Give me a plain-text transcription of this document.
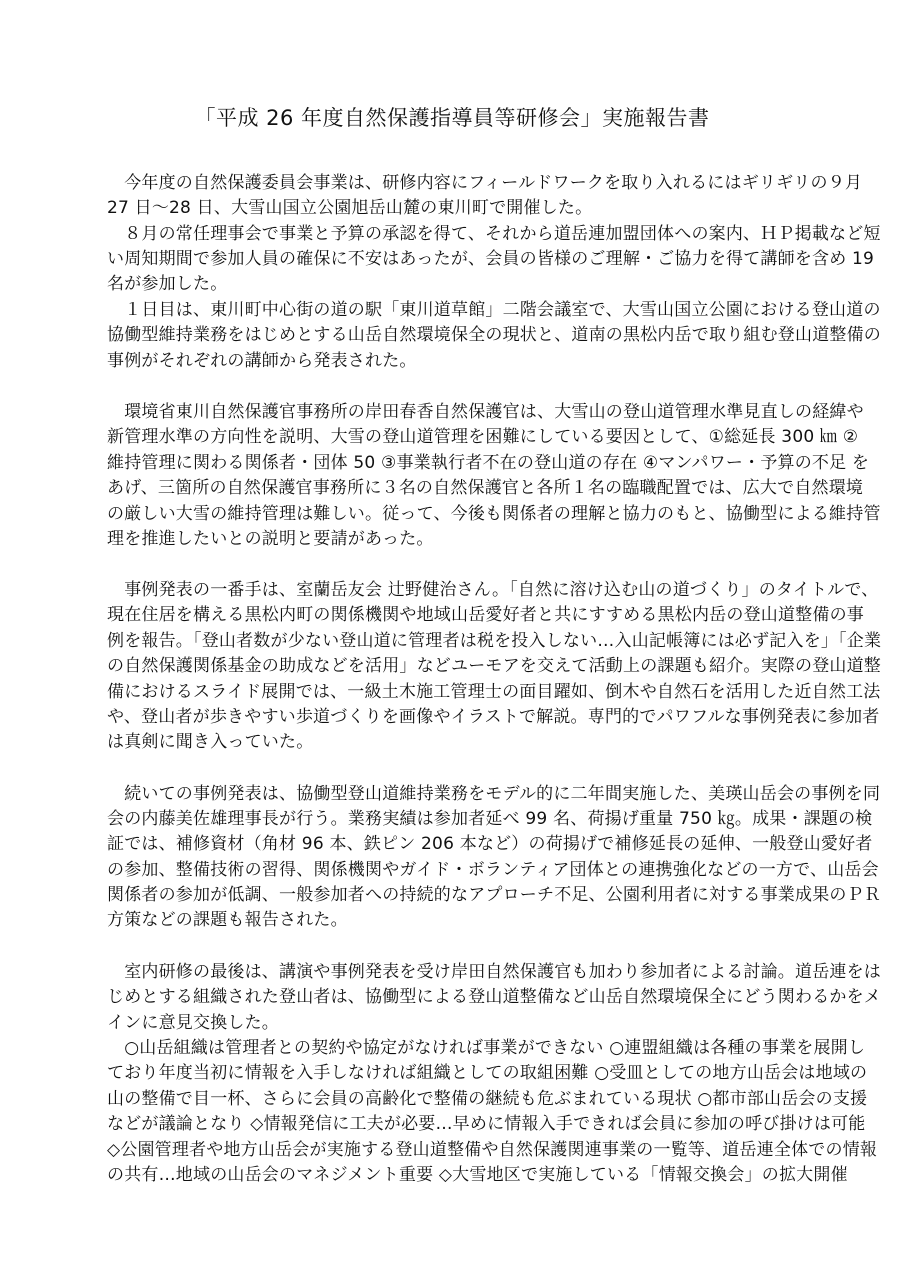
「平成 26 年度自然保護指導員等研修会」実施報告書
　今年度の自然保護委員会事業は、研修内容にフィールドワークを取り入れるにはギリギリの９月
27 日～28 日、大雪山国立公園旭岳山麓の東川町で開催した。
　８月の常任理事会で事業と予算の承認を得て、それから道岳連加盟団体への案内、ＨＰ掲載など短
い周知期間で参加人員の確保に不安はあったが、会員の皆様のご理解・ご協力を得て講師を含め 19
名が参加した。
　１日目は、東川町中心街の道の駅「東川道草館」二階会議室で、大雪山国立公園における登山道の
協働型維持業務をはじめとする山岳自然環境保全の現状と、道南の黒松内岳で取り組む登山道整備の
事例がそれぞれの講師から発表された。
　環境省東川自然保護官事務所の岸田春香自然保護官は、大雪山の登山道管理水準見直しの経緯や
新管理水準の方向性を説明、大雪の登山道管理を困難にしている要因として、①総延長 300 ㎞ ②
維持管理に関わる関係者・団体 50 ③事業執行者不在の登山道の存在 ④マンパワー・予算の不足 を
あげ、三箇所の自然保護官事務所に３名の自然保護官と各所１名の臨職配置では、広大で自然環境
の厳しい大雪の維持管理は難しい。従って、今後も関係者の理解と協力のもと、協働型による維持管
理を推進したいとの説明と要請があった。
　事例発表の一番手は、室蘭岳友会 辻野健治さん。「自然に溶け込む山の道づくり」のタイトルで、
現在住居を構える黒松内町の関係機関や地域山岳愛好者と共にすすめる黒松内岳の登山道整備の事
例を報告。「登山者数が少ない登山道に管理者は税を投入しない…入山記帳簿には必ず記入を」「企業
の自然保護関係基金の助成などを活用」などユーモアを交えて活動上の課題も紹介。実際の登山道整
備におけるスライド展開では、一級土木施工管理士の面目躍如、倒木や自然石を活用した近自然工法
や、登山者が歩きやすい歩道づくりを画像やイラストで解説。専門的でパワフルな事例発表に参加者
は真剣に聞き入っていた。
　続いての事例発表は、協働型登山道維持業務をモデル的に二年間実施した、美瑛山岳会の事例を同
会の内藤美佐雄理事長が行う。業務実績は参加者延べ 99 名、荷揚げ重量 750 ㎏。成果・課題の検
証では、補修資材（角材 96 本、鉄ピン 206 本など）の荷揚げで補修延長の延伸、一般登山愛好者
の参加、整備技術の習得、関係機関やガイド・ボランティア団体との連携強化などの一方で、山岳会
関係者の参加が低調、一般参加者への持続的なアプローチ不足、公園利用者に対する事業成果のＰＲ
方策などの課題も報告された。
　室内研修の最後は、講演や事例発表を受け岸田自然保護官も加わり参加者による討論。道岳連をは
じめとする組織された登山者は、協働型による登山道整備など山岳自然環境保全にどう関わるかをメ
インに意見交換した。
　○山岳組織は管理者との契約や協定がなければ事業ができない ○連盟組織は各種の事業を展開し
ており年度当初に情報を入手しなければ組織としての取組困難 ○受皿としての地方山岳会は地域の
山の整備で目一杯、さらに会員の高齢化で整備の継続も危ぶまれている現状 ○都市部山岳会の支援
などが議論となり ◇情報発信に工夫が必要…早めに情報入手できれば会員に参加の呼び掛けは可能
◇公園管理者や地方山岳会が実施する登山道整備や自然保護関連事業の一覧等、道岳連全体での情報
の共有…地域の山岳会のマネジメント重要 ◇大雪地区で実施している「情報交換会」の拡大開催
